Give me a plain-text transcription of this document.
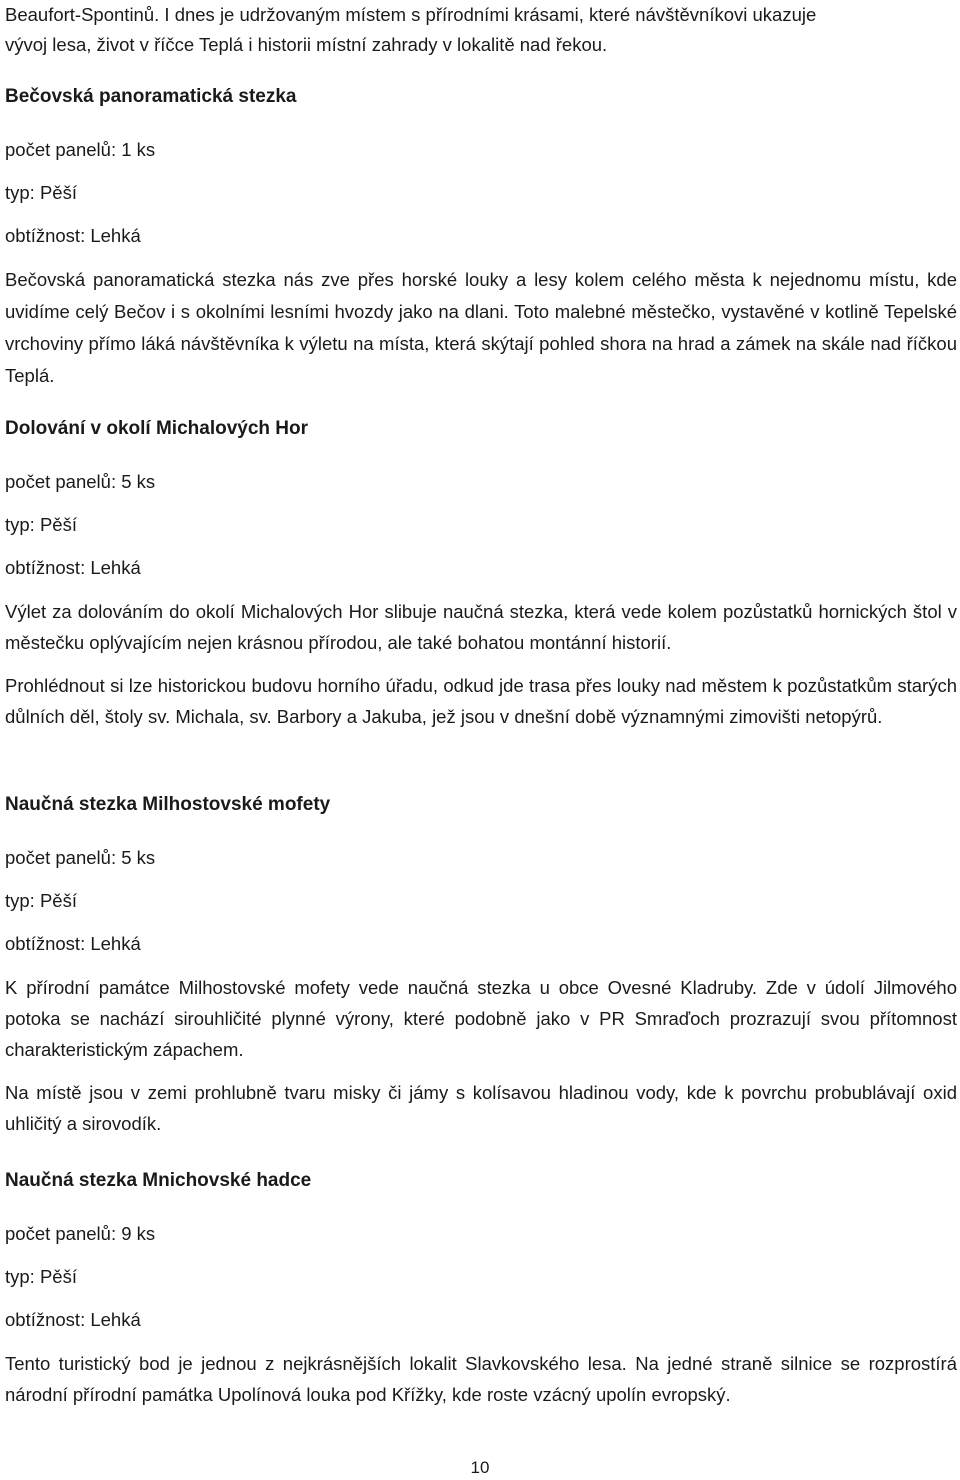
Beaufort-Spontinů. I dnes je udržovaným místem s přírodními krásami, které návštěvníkovi ukazuje

vývoj lesa, život v říčce Teplá i historii místní zahrady v lokalitě nad řekou.

Bečovská panoramatická stezka

počet panelů: 1 ks

typ: Pěší

obtížnost: Lehká

Bečovská panoramatická stezka nás zve přes horské louky a lesy kolem celého města k nejednomu místu, kde uvidíme celý Bečov i s okolními lesními hvozdy jako na dlani. Toto malebné městečko, vystavěné v kotlině Tepelské vrchoviny přímo láká návštěvníka k výletu na místa, která skýtají pohled shora na hrad a zámek na skále nad říčkou Teplá.

Dolování v okolí Michalových Hor

počet panelů: 5 ks

typ: Pěší

obtížnost: Lehká

Výlet za dolováním do okolí Michalových Hor slibuje naučná stezka, která vede kolem pozůstatků hornických štol v městečku oplývajícím nejen krásnou přírodou, ale také bohatou montánní historií.

Prohlédnout si lze historickou budovu horního úřadu, odkud jde trasa přes louky nad městem k pozůstatkům starých důlních děl, štoly sv. Michala, sv. Barbory a Jakuba, jež jsou v dnešní době významnými zimovišti netopýrů.

Naučná stezka Milhostovské mofety

počet panelů: 5 ks

typ: Pěší

obtížnost: Lehká

K přírodní památce Milhostovské mofety vede naučná stezka u obce Ovesné Kladruby. Zde v údolí Jilmového potoka se nachází sirouhličité plynné výrony, které podobně jako v PR Smraďoch prozrazují svou přítomnost charakteristickým zápachem.

Na místě jsou v zemi prohlubně tvaru misky či jámy s kolísavou hladinou vody, kde k povrchu probublávají oxid uhličitý a sirovodík.

Naučná stezka Mnichovské hadce

počet panelů: 9 ks

typ: Pěší

obtížnost: Lehká

Tento turistický bod je jednou z nejkrásnějších lokalit Slavkovského lesa. Na jedné straně silnice se rozprostírá národní přírodní památka Upolínová louka pod Křížky, kde roste vzácný upolín evropský.

10
